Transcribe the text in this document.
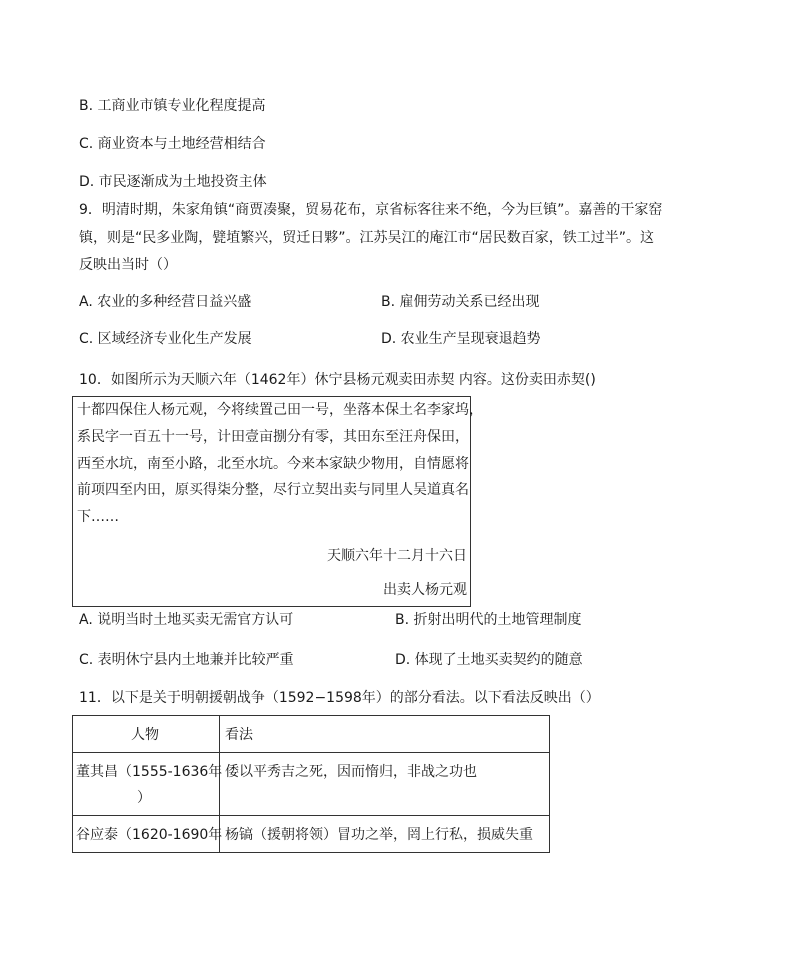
B. 工商业市镇专业化程度提高
C. 商业资本与土地经营相结合
D. 市民逐渐成为土地投资主体
9．明清时期，朱家角镇“商贾凑聚，贸易花布，京省标客往来不绝，今为巨镇”。嘉善的干家窑
镇，则是“民多业陶，甓埴繁兴，贸迁日夥”。江苏吴江的庵江市“居民数百家，铁工过半”。这
反映出当时（）
A. 农业的多种经营日益兴盛	B. 雇佣劳动关系已经出现
C. 区域经济专业化生产发展	D. 农业生产呈现衰退趋势
10．如图所示为天顺六年（1462年）休宁县杨元观卖田赤契 内容。这份卖田赤契()
十都四保住人杨元观，今将续置己田一号，坐落本保土名李家坞，
系民字一百五十一号，计田壹亩捌分有零，其田东至汪舟保田，
西至水坑，南至小路，北至水坑。今来本家缺少物用，自情愿将
前项四至内田，原买得柒分整，尽行立契出卖与同里人吴道真名
下……
天顺六年十二月十六日
出卖人杨元观
A. 说明当时土地买卖无需官方认可	B. 折射出明代的土地管理制度
C. 表明休宁县内土地兼并比较严重	D. 体现了土地买卖契约的随意
11．以下是关于明朝援朝战争（1592−1598年）的部分看法。以下看法反映出（）
人物	看法

董其昌（1555-1636年
）	倭以平秀吉之死，因而惰归，非战之功也

谷应泰（1620-1690年	杨镐（援朝将领）冒功之举，罔上行私，损威失重
